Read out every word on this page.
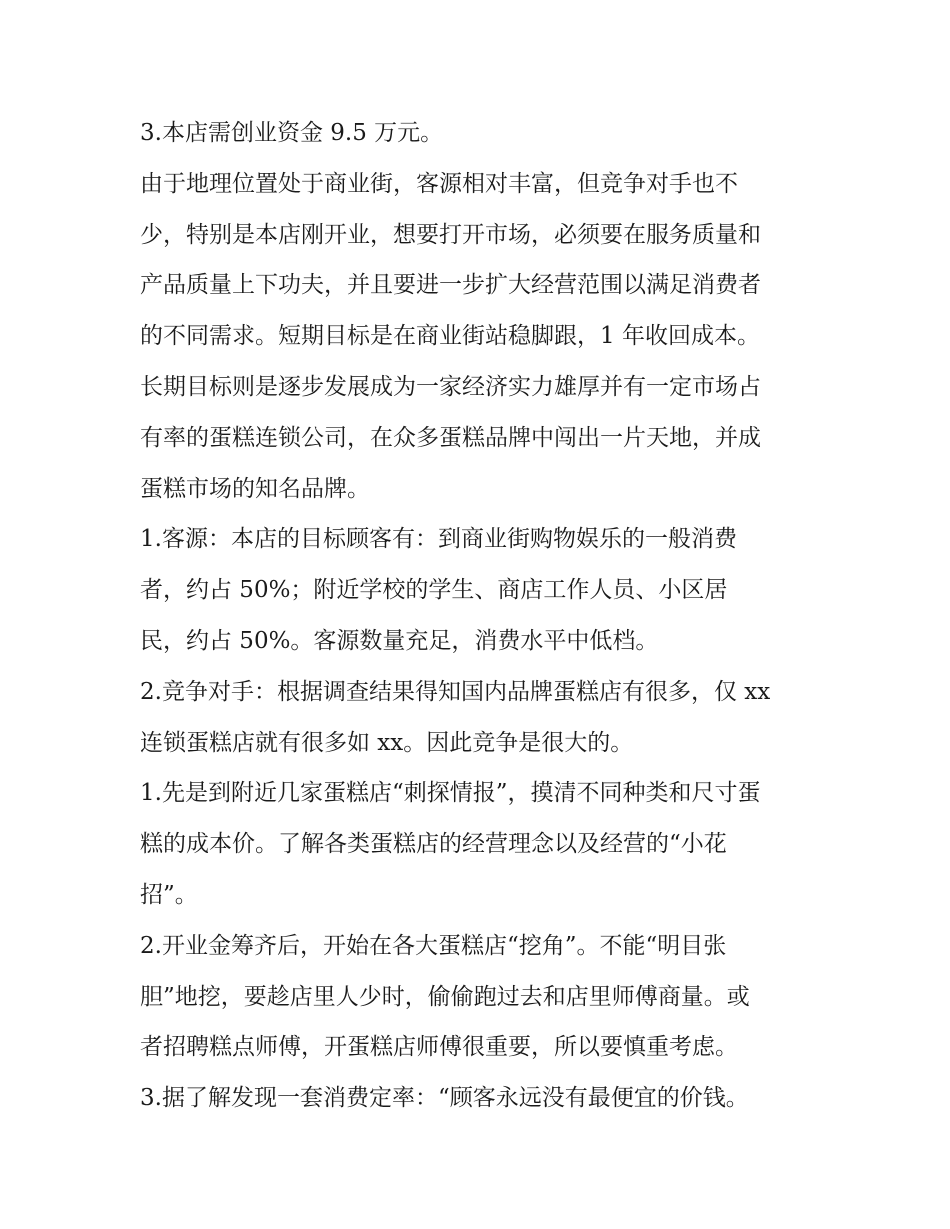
3.本店需创业资金 9.5 万元。
由于地理位置处于商业街，客源相对丰富，但竞争对手也不
少，特别是本店刚开业，想要打开市场，必须要在服务质量和
产品质量上下功夫，并且要进一步扩大经营范围以满足消费者
的不同需求。短期目标是在商业街站稳脚跟，1 年收回成本。
长期目标则是逐步发展成为一家经济实力雄厚并有一定市场占
有率的蛋糕连锁公司，在众多蛋糕品牌中闯出一片天地，并成
蛋糕市场的知名品牌。
1.客源：本店的目标顾客有：到商业街购物娱乐的一般消费
者，约占 50%；附近学校的学生、商店工作人员、小区居
民，约占 50%。客源数量充足，消费水平中低档。
2.竞争对手：根据调查结果得知国内品牌蛋糕店有很多，仅 xx
连锁蛋糕店就有很多如 xx。因此竞争是很大的。
1.先是到附近几家蛋糕店“刺探情报”，摸清不同种类和尺寸蛋
糕的成本价。了解各类蛋糕店的经营理念以及经营的“小花
招”。
2.开业金筹齐后，开始在各大蛋糕店“挖角”。不能“明目张
胆”地挖，要趁店里人少时，偷偷跑过去和店里师傅商量。或
者招聘糕点师傅，开蛋糕店师傅很重要，所以要慎重考虑。
3.据了解发现一套消费定率：“顾客永远没有最便宜的价钱。
